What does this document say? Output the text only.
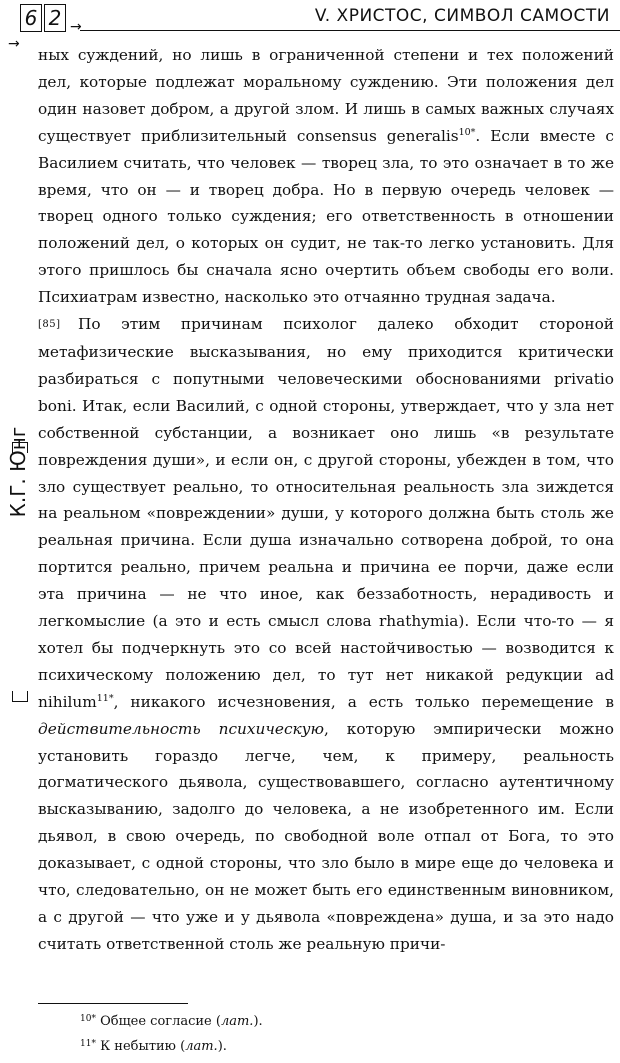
6 2 →
→
V. ХРИСТОС, СИМВОЛ САМОСТИ
К.Г. Юнг

ных суждений, но лишь в ограниченной степени и тех положений дел, которые подлежат моральному суждению. Эти положения дел один назовет добром, а другой злом. И лишь в самых важных случаях существует приблизительный consensus generalis$^{10*}$. Если вместе с Василием считать, что человек — творец зла, то это означает в то же время, что он — и творец добра. Но в первую очередь человек — творец одного только суждения; его ответственность в отношении положений дел, о которых он судит, не так-то легко установить. Для этого пришлось бы сначала ясно очертить объем свободы его воли. Психиатрам известно, насколько это отчаянно трудная задача.

[85] По этим причинам психолог далеко обходит стороной метафизические высказывания, но ему приходится критически разбираться с попутными человеческими обоснованиями privatio boni. Итак, если Василий, с одной стороны, утверждает, что у зла нет собственной субстанции, а возникает оно лишь «в результате повреждения души», и если он, с другой стороны, убежден в том, что зло существует реально, то относительная реальность зла зиждется на реальном «повреждении» души, у которого должна быть столь же реальная причина. Если душа изначально сотворена доброй, то она портится реально, причем реальна и причина ее порчи, даже если эта причина — не что иное, как беззаботность, нерадивость и легкомыслие (а это и есть смысл слова rhathymia). Если что-то — я хотел бы подчеркнуть это со всей настойчивостью — возводится к психическому положению дел, то тут нет никакой редукции ad nihilum$^{11*}$, никакого исчезновения, а есть только перемещение в действительность психическую, которую эмпирически можно установить гораздо легче, чем, к примеру, реальность догматического дьявола, существовавшего, согласно аутентичному высказыванию, задолго до человека, а не изобретенного им. Если дьявол, в свою очередь, по свободной воле отпал от Бога, то это доказывает, с одной стороны, что зло было в мире еще до человека и что, следовательно, он не может быть его единственным виновником, а с другой — что уже и у дьявола «повреждена» душа, и за это надо считать ответственной столь же реальную причи-

$^{10*}$ Общее согласие (лат.).
$^{11*}$ К небытию (лат.).
